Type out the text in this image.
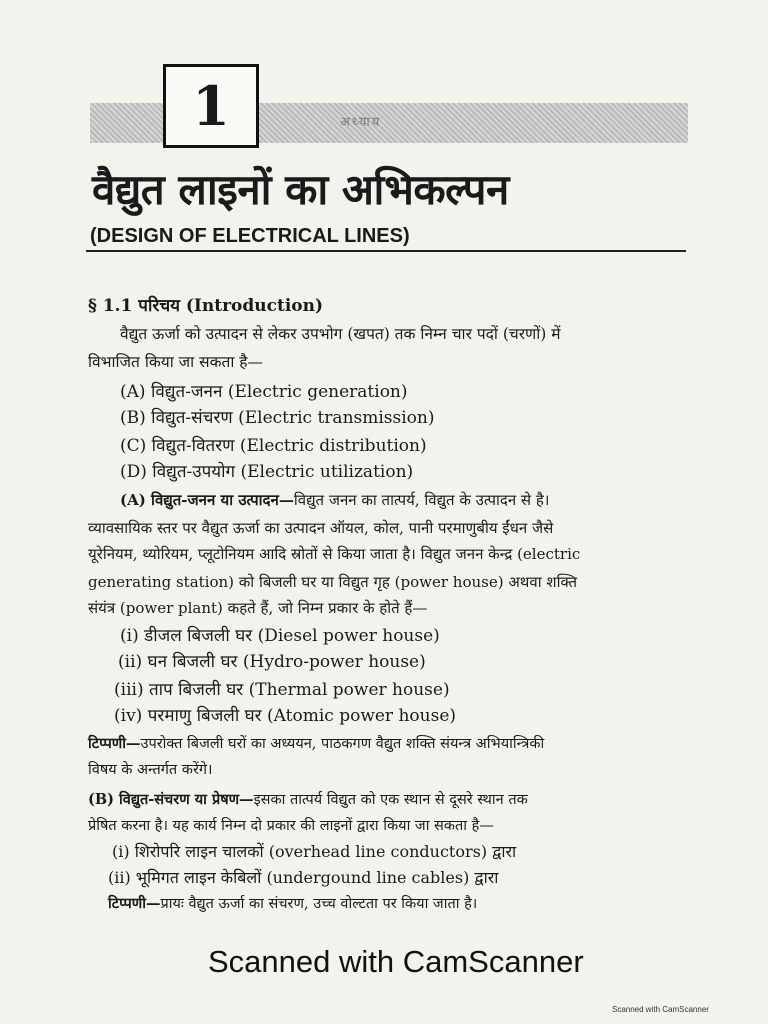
अध्याय
1
वैद्युत लाइनों का अभिकल्पन
(DESIGN OF ELECTRICAL LINES)
§ 1.1 परिचय (Introduction)
वैद्युत ऊर्जा को उत्पादन से लेकर उपभोग (खपत) तक निम्न चार पदों (चरणों) में
विभाजित किया जा सकता है—
(A) विद्युत-जनन (Electric generation)
(B) विद्युत-संचरण (Electric transmission)
(C) विद्युत-वितरण (Electric distribution)
(D) विद्युत-उपयोग (Electric utilization)
(A) विद्युत-जनन या उत्पादन—विद्युत जनन का तात्पर्य, विद्युत के उत्पादन से है।
व्यावसायिक स्तर पर वैद्युत ऊर्जा का उत्पादन ऑयल, कोल, पानी परमाणुबीय ईंधन जैसे
यूरेनियम, थ्योरियम, प्लूटोनियम आदि स्रोतों से किया जाता है। विद्युत जनन केन्द्र (electric
generating station) को बिजली घर या विद्युत गृह (power house) अथवा शक्ति
संयंत्र (power plant) कहते हैं, जो निम्न प्रकार के होते हैं—
(i) डीजल बिजली घर (Diesel power house)
(ii) घन बिजली घर (Hydro-power house)
(iii) ताप बिजली घर (Thermal power house)
(iv) परमाणु बिजली घर (Atomic power house)
टिप्पणी—उपरोक्त बिजली घरों का अध्ययन, पाठकगण वैद्युत शक्ति संयन्त्र अभियान्त्रिकी
विषय के अन्तर्गत करेंगे।
(B) विद्युत-संचरण या प्रेषण—इसका तात्पर्य विद्युत को एक स्थान से दूसरे स्थान तक
प्रेषित करना है। यह कार्य निम्न दो प्रकार की लाइनों द्वारा किया जा सकता है—
(i) शिरोपरि लाइन चालकों (overhead line conductors) द्वारा
(ii) भूमिगत लाइन केबिलों (undergound line cables) द्वारा
टिप्पणी—प्रायः वैद्युत ऊर्जा का संचरण, उच्च वोल्टता पर किया जाता है।
Scanned with CamScanner
Scanned with CamScanner
